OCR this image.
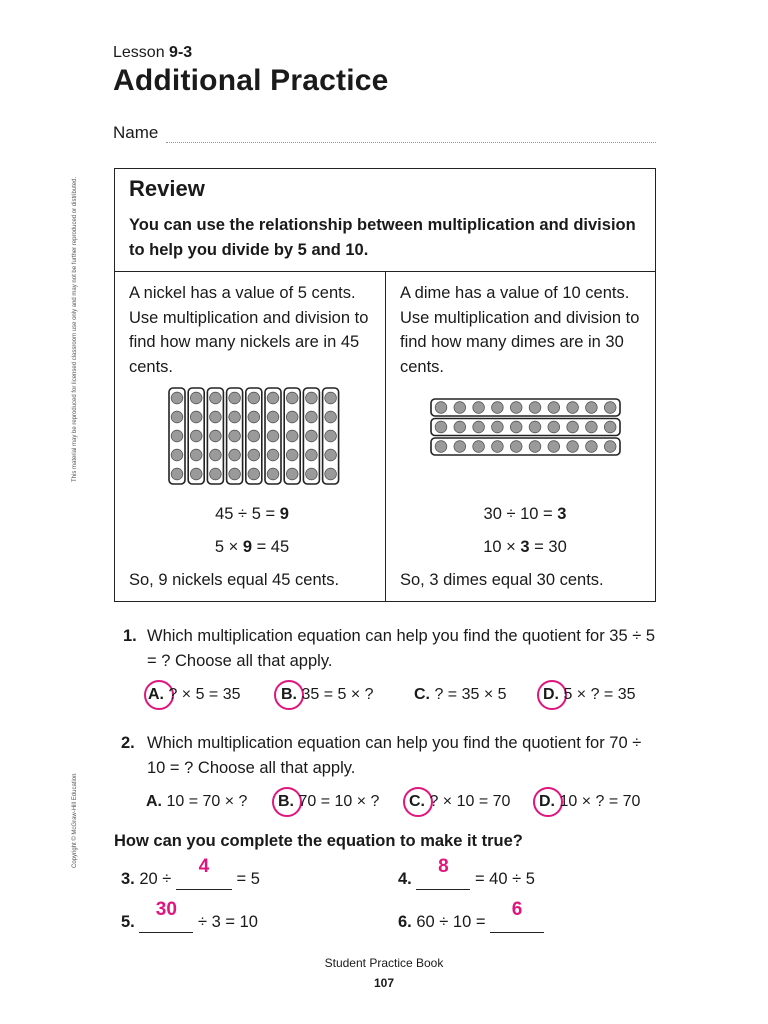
Lesson 9-3
Additional Practice
Name
This material may be reproduced for licensed classroom use only and may not be further reproduced or distributed.
Copyright © McGraw-Hill Education
Review
You can use the relationship between multiplication and division to help you divide by 5 and 10.
A nickel has a value of 5 cents. Use multiplication and division to find how many nickels are in 45 cents.
45 ÷ 5 = 9
5 × 9 = 45
So, 9 nickels equal 45 cents.
A dime has a value of 10 cents. Use multiplication and division to find how many dimes are in 30 cents.
30 ÷ 10 = 3
10 × 3 = 30
So, 3 dimes equal 30 cents.
1. Which multiplication equation can help you find the quotient for 35 ÷ 5 = ? Choose all that apply.
A. ? × 5 = 35	B. 35 = 5 × ?	C. ? = 35 × 5 D. 5 × ? = 35
2. Which multiplication equation can help you find the quotient for 70 ÷ 10 = ? Choose all that apply.
A. 10 = 70 × ? B. 70 = 10 × ? C. ? × 10 = 70 D. 10 × ? = 70
How can you complete the equation to make it true?
3. 20 ÷
4
= 5	4.
8
= 40 ÷ 5
5.
30
÷ 3 = 10	6. 60 ÷ 10 =
6

Student Practice Book
107
